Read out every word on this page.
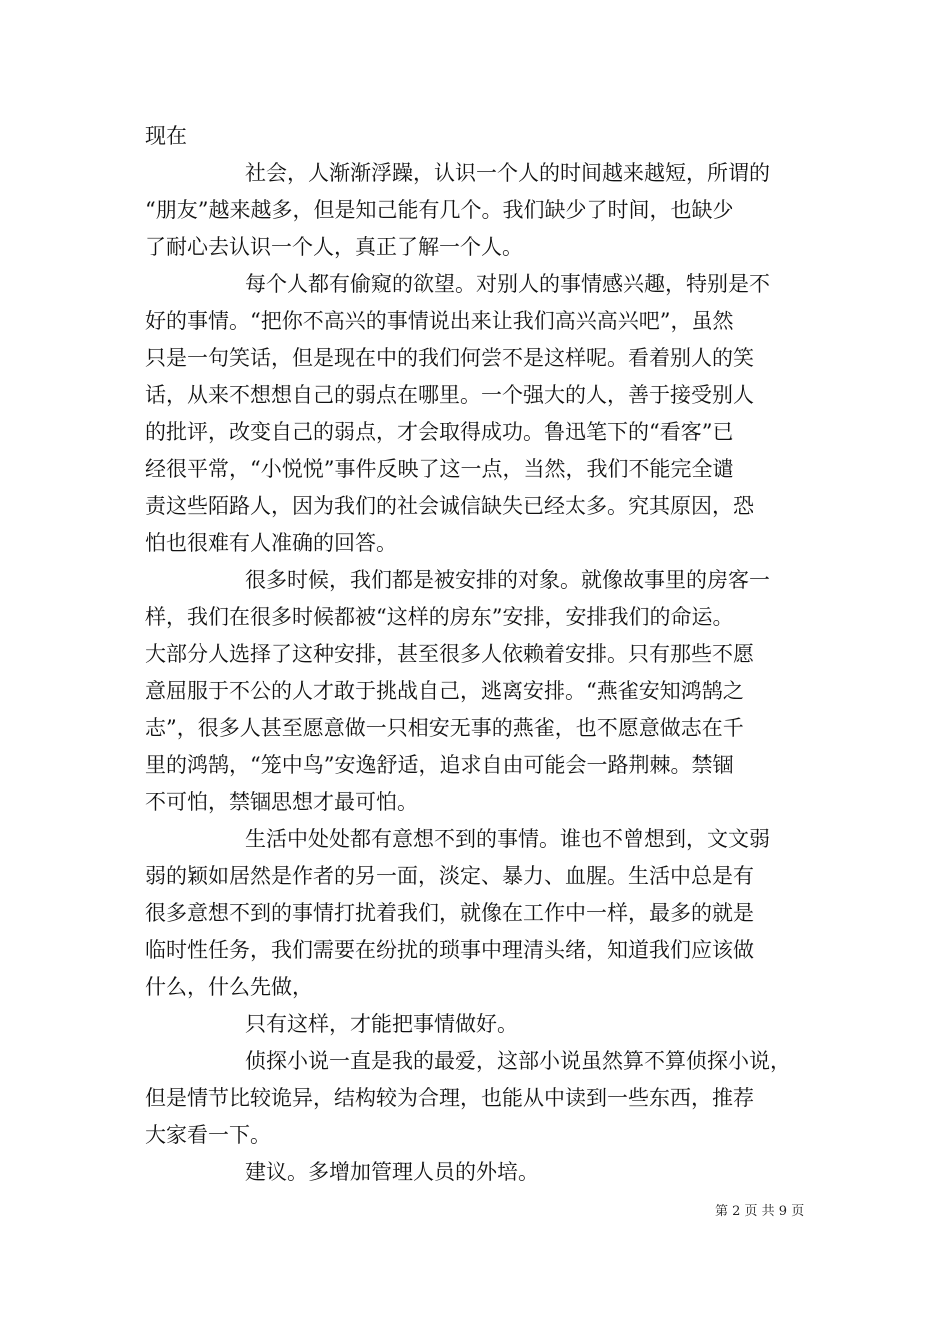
现在
社会，人渐渐浮躁，认识一个人的时间越来越短，所谓的
“朋友”越来越多，但是知己能有几个。我们缺少了时间，也缺少
了耐心去认识一个人，真正了解一个人。
每个人都有偷窥的欲望。对别人的事情感兴趣，特别是不
好的事情。“把你不高兴的事情说出来让我们高兴高兴吧”，虽然
只是一句笑话，但是现在中的我们何尝不是这样呢。看着别人的笑
话，从来不想想自己的弱点在哪里。一个强大的人，善于接受别人
的批评，改变自己的弱点，才会取得成功。鲁迅笔下的“看客”已
经很平常，“小悦悦”事件反映了这一点，当然，我们不能完全谴
责这些陌路人，因为我们的社会诚信缺失已经太多。究其原因，恐
怕也很难有人准确的回答。
很多时候，我们都是被安排的对象。就像故事里的房客一
样，我们在很多时候都被“这样的房东”安排，安排我们的命运。
大部分人选择了这种安排，甚至很多人依赖着安排。只有那些不愿
意屈服于不公的人才敢于挑战自己，逃离安排。“燕雀安知鸿鹄之
志”，很多人甚至愿意做一只相安无事的燕雀，也不愿意做志在千
里的鸿鹄，“笼中鸟”安逸舒适，追求自由可能会一路荆棘。禁锢
不可怕，禁锢思想才最可怕。
生活中处处都有意想不到的事情。谁也不曾想到，文文弱
弱的颖如居然是作者的另一面，淡定、暴力、血腥。生活中总是有
很多意想不到的事情打扰着我们，就像在工作中一样，最多的就是
临时性任务，我们需要在纷扰的琐事中理清头绪，知道我们应该做
什么，什么先做，
只有这样，才能把事情做好。
侦探小说一直是我的最爱，这部小说虽然算不算侦探小说，
但是情节比较诡异，结构较为合理，也能从中读到一些东西，推荐
大家看一下。
建议。多增加管理人员的外培。
第 2 页 共 9 页
